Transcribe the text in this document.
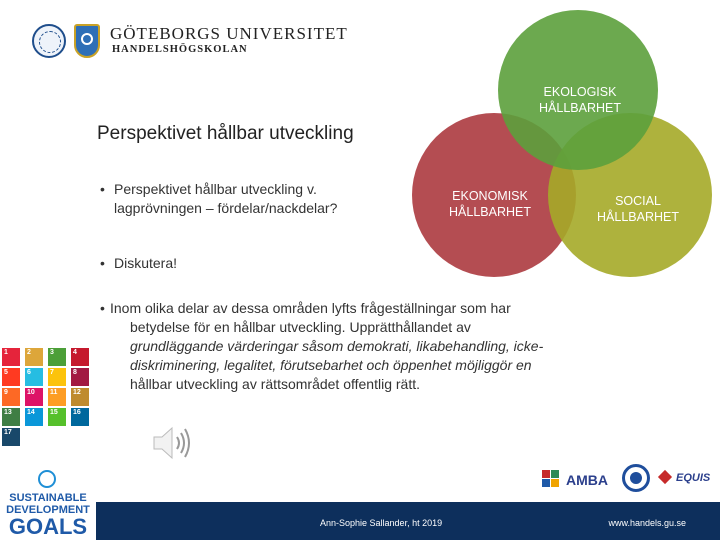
GÖTEBORGS UNIVERSITET
HANDELSHÖGSKOLAN
EKOLOGISK
HÅLLBARHET
EKONOMISK
HÅLLBARHET
SOCIAL
HÅLLBARHET
Perspektivet hållbar utveckling
• Perspektivet hållbar utveckling v.
lagprövningen – fördelar/nackdelar?
• Diskutera!
• Inom olika delar av dessa områden lyfts frågeställningar som har
betydelse för en hållbar utveckling. Upprätthållandet av
grundläggande värderingar såsom demokrati, likabehandling, icke-
diskriminering, legalitet, förutsebarhet och öppenhet möjliggör en
hållbar utveckling av rättsområdet offentlig rätt.
1	2	3	4
5	6	7	8
9	10 11 12
13 14 15 16
17
SUSTAINABLE
DEVELOPMENT
GOALS
AMBA	EQUIS
Ann-Sophie Sallander, ht 2019	www.handels.gu.se
